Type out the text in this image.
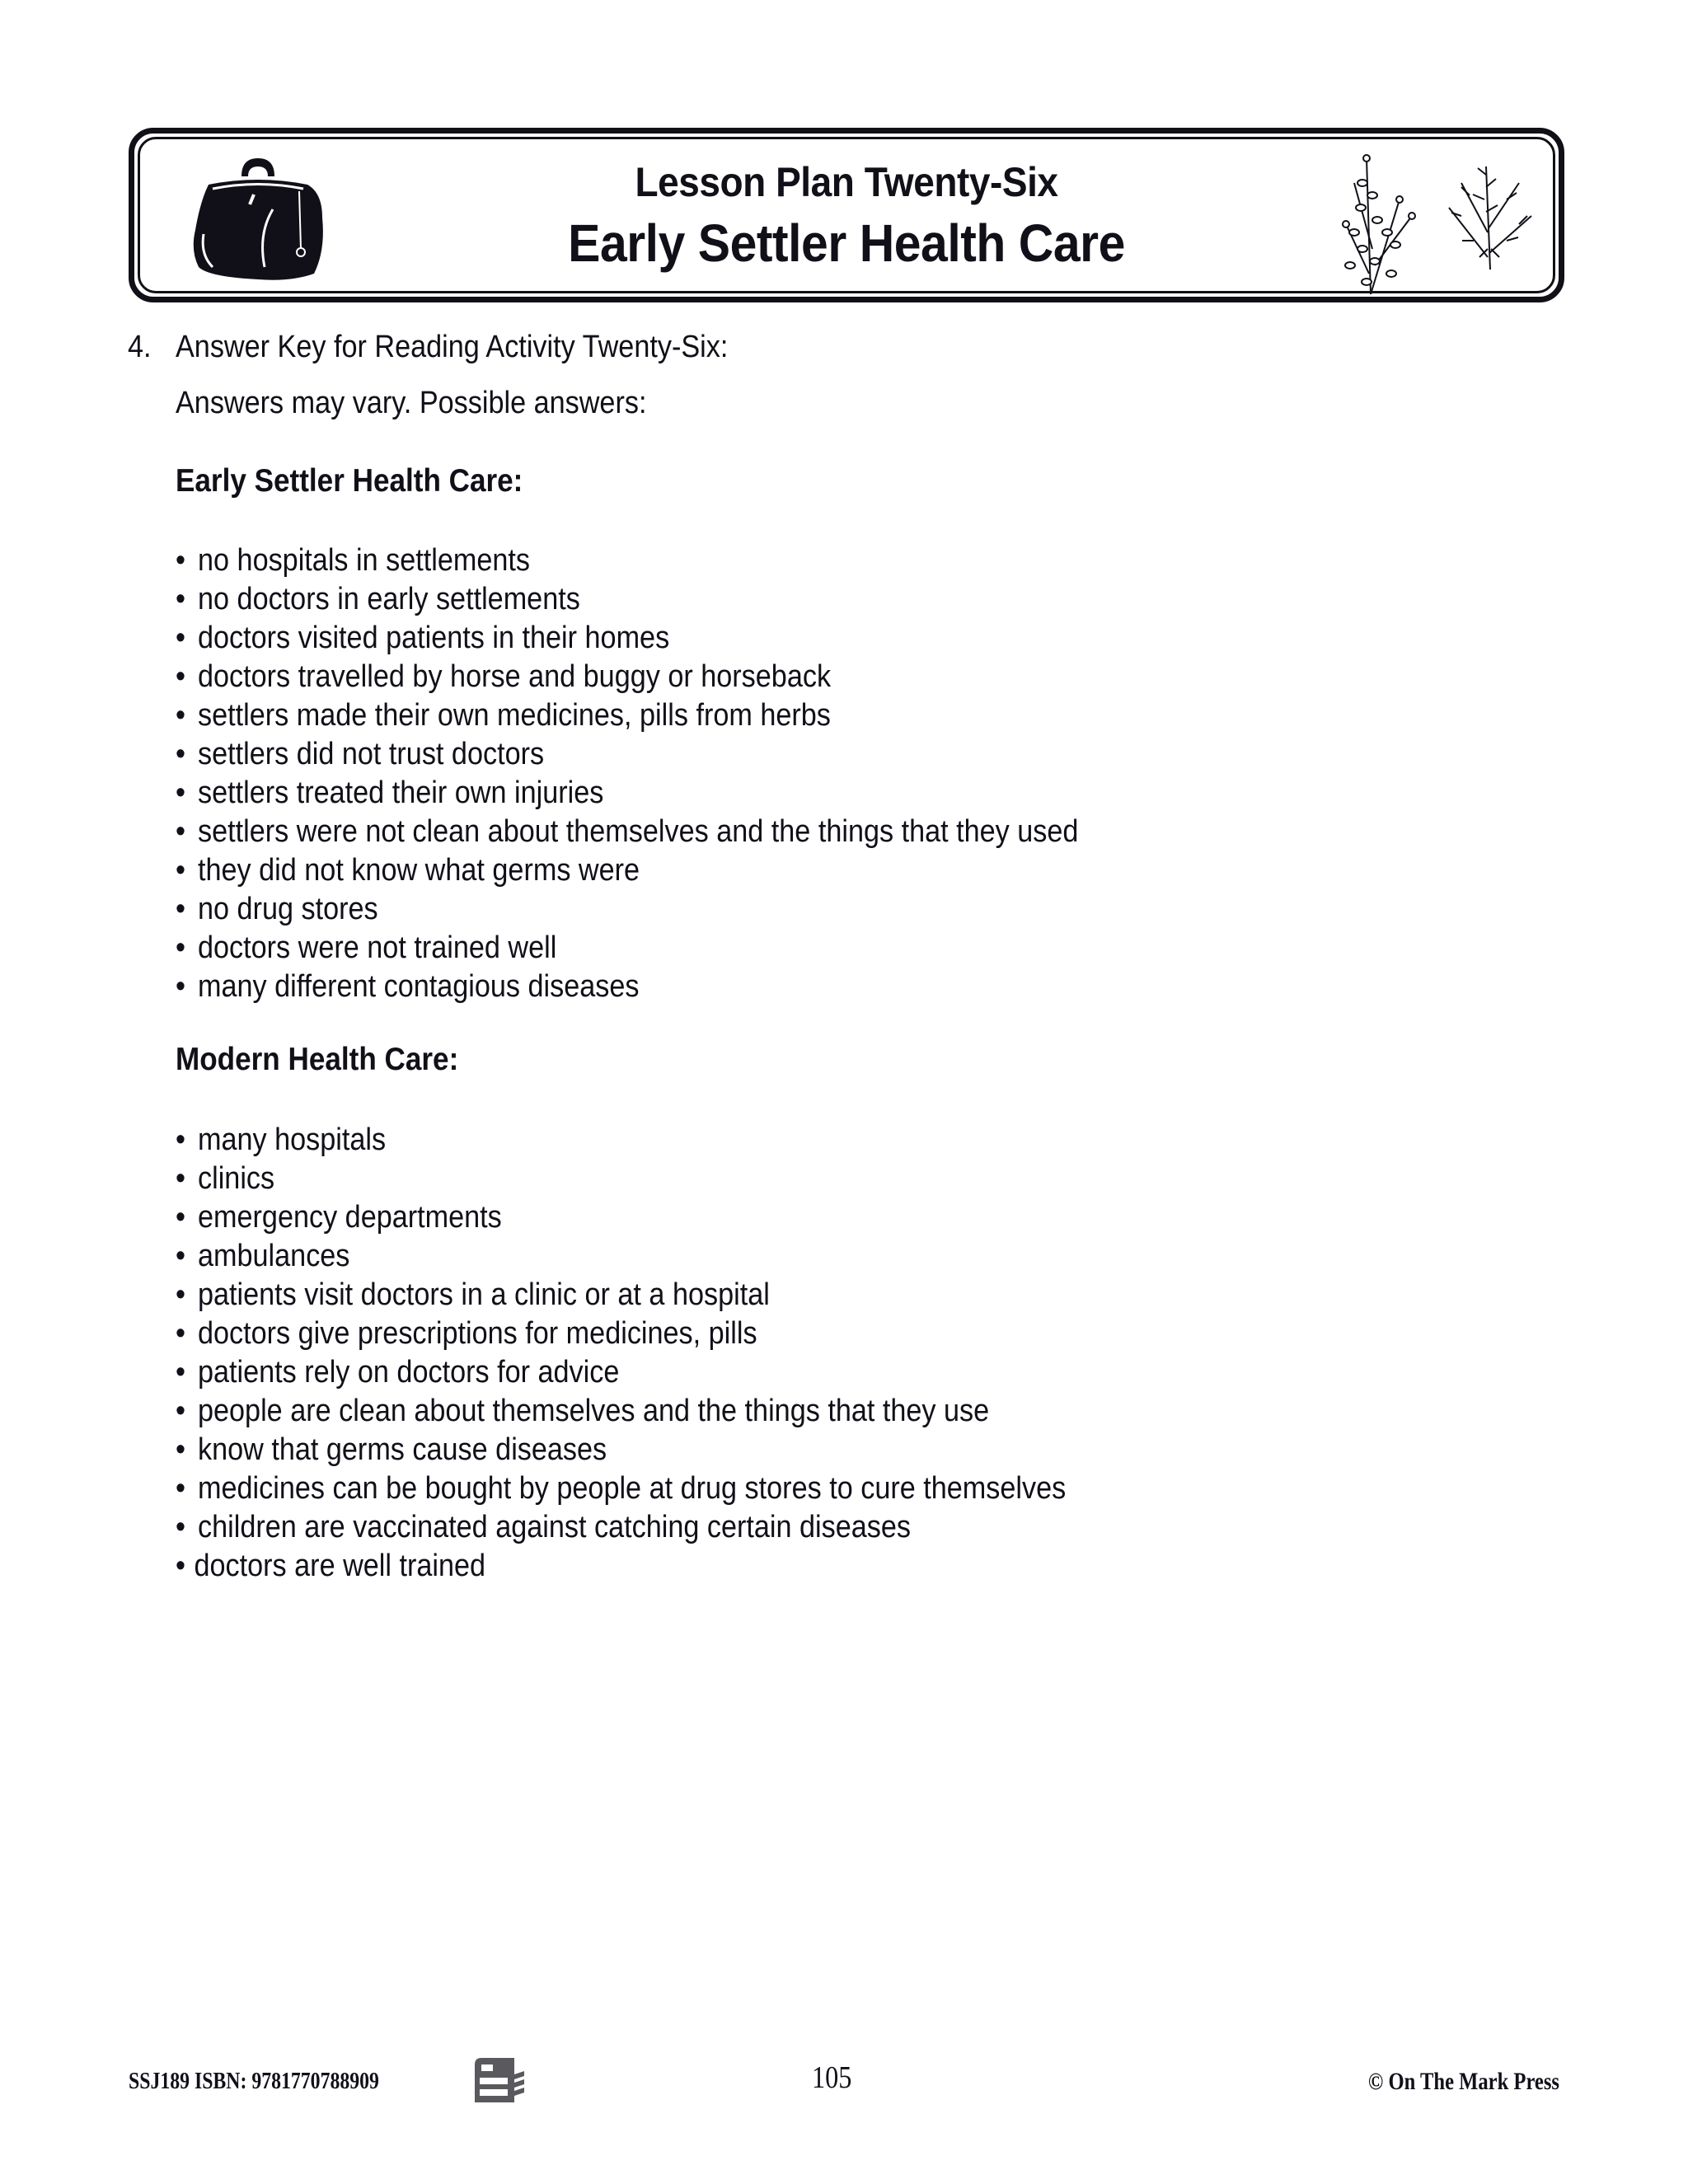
Lesson Plan Twenty-Six
Early Settler Health Care
4. Answer Key for Reading Activity Twenty-Six:
Answers may vary. Possible answers:
Early Settler Health Care:
• no hospitals in settlements
• no doctors in early settlements
• doctors visited patients in their homes
• doctors travelled by horse and buggy or horseback
• settlers made their own medicines, pills from herbs
• settlers did not trust doctors
• settlers treated their own injuries
• settlers were not clean about themselves and the things that they used
• they did not know what germs were
• no drug stores
• doctors were not trained well
• many different contagious diseases
Modern Health Care:
• many hospitals
• clinics
• emergency departments
• ambulances
• patients visit doctors in a clinic or at a hospital
• doctors give prescriptions for medicines, pills
• patients rely on doctors for advice
• people are clean about themselves and the things that they use
• know that germs cause diseases
• medicines can be bought by people at drug stores to cure themselves
• children are vaccinated against catching certain diseases
• doctors are well trained
SSJ189 ISBN: 9781770788909	105	© On The Mark Press
